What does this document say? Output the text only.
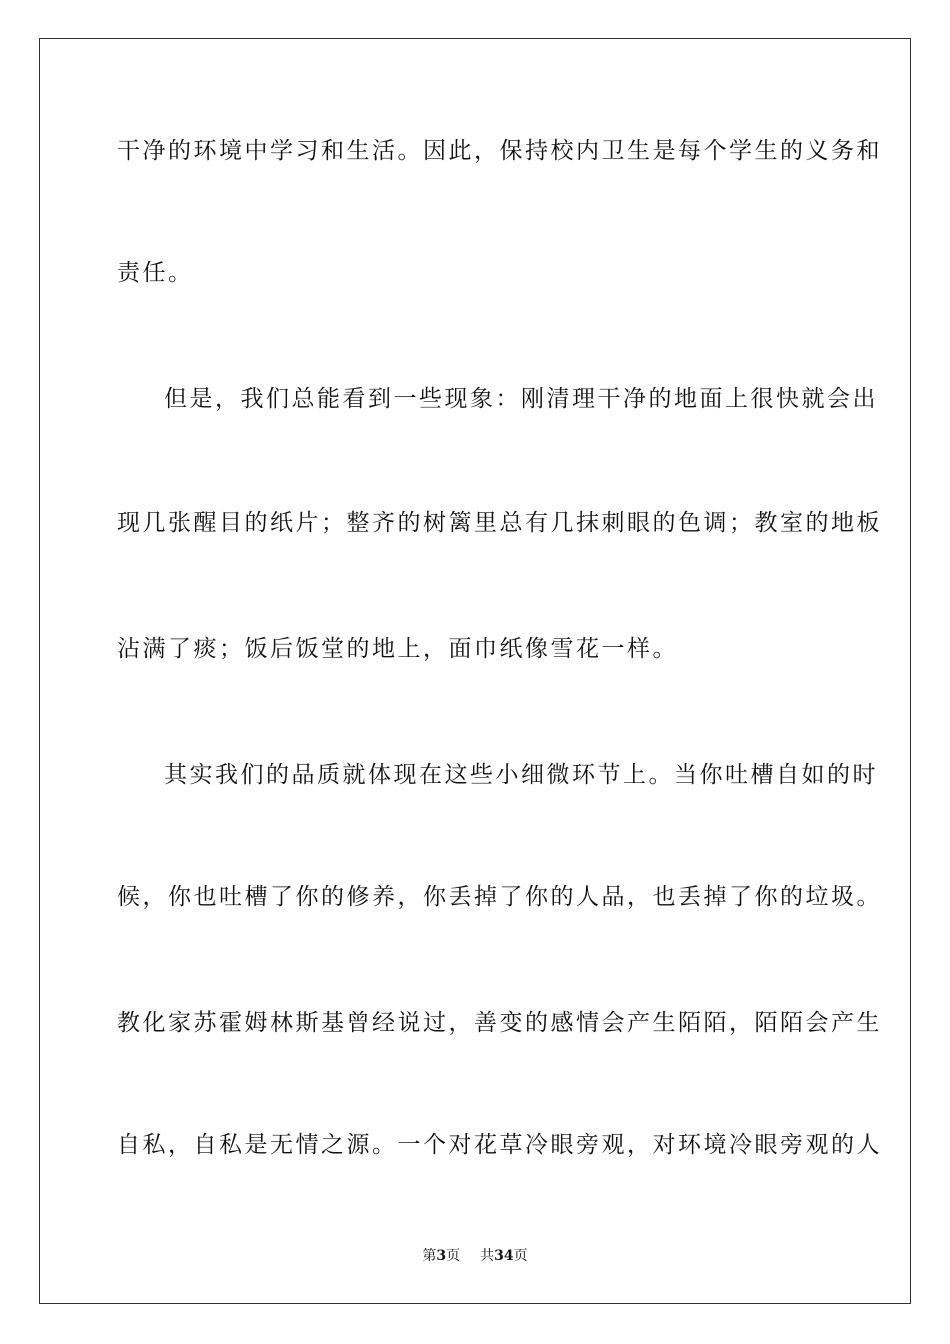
干净的环境中学习和生活。因此，保持校内卫生是每个学生的义务和
责任。
但是，我们总能看到一些现象：刚清理干净的地面上很快就会出
现几张醒目的纸片；整齐的树篱里总有几抹刺眼的色调；教室的地板
沾满了痰；饭后饭堂的地上，面巾纸像雪花一样。
其实我们的品质就体现在这些小细微环节上。当你吐槽自如的时
候，你也吐槽了你的修养，你丢掉了你的人品，也丢掉了你的垃圾。
教化家苏霍姆林斯基曾经说过，善变的感情会产生陌陌，陌陌会产生
自私，自私是无情之源。一个对花草冷眼旁观，对环境冷眼旁观的人
第3页 共34页
